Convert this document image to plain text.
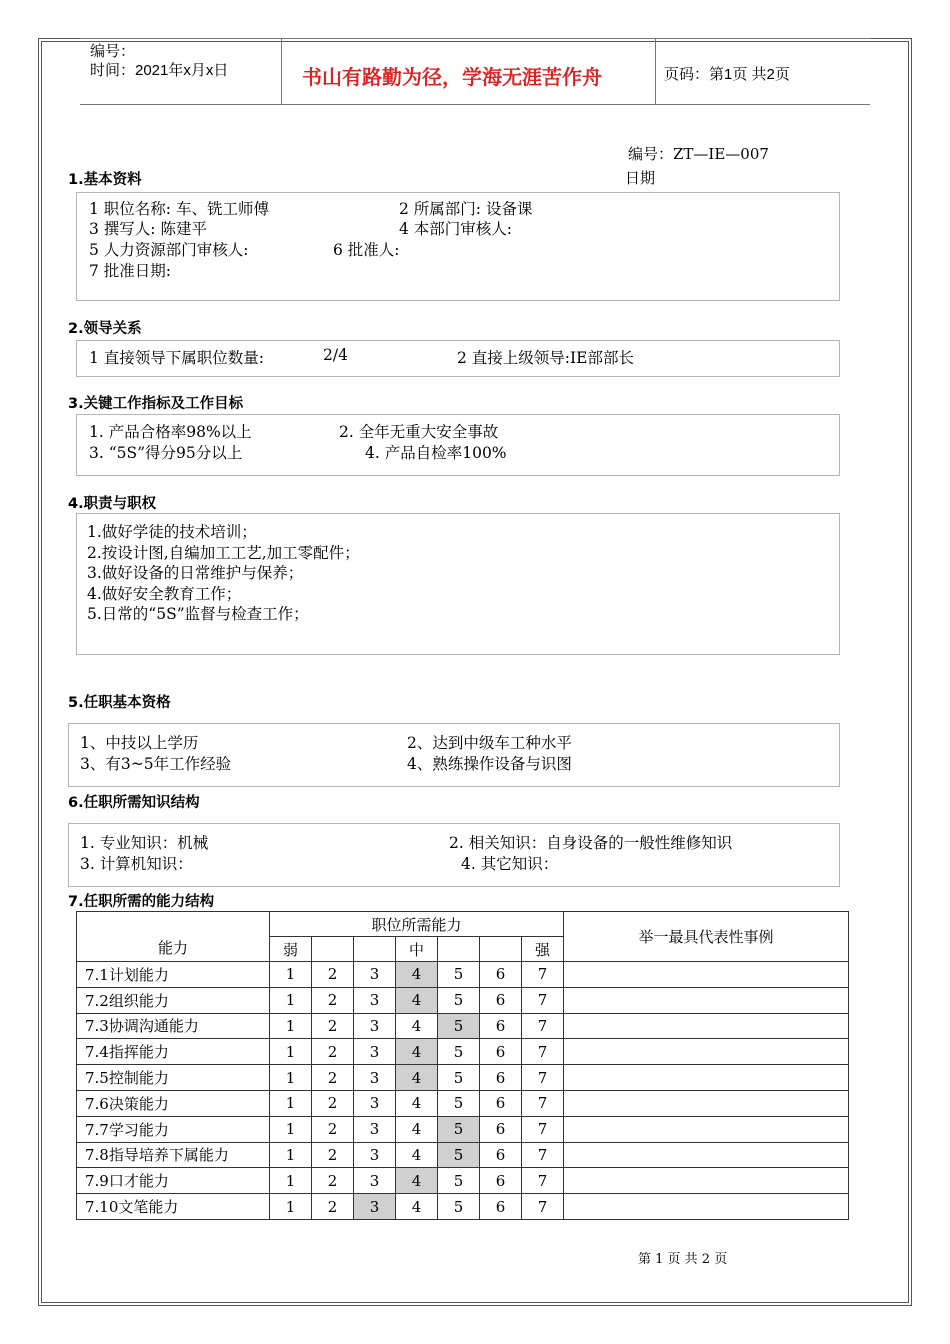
编号：
时间：2021年x月x日	书山有路勤为径，学海无涯苦作舟	页码：第1页 共2页
编号：ZT—IE—007
日期
1.基本资料
1 职位名称: 车、铣工师傅	2 所属部门: 设备课
3 撰写人: 陈建平	4 本部门审核人:
5 人力资源部门审核人:	6 批准人:
7 批准日期:
2.领导关系
1 直接领导下属职位数量:	2/4	2 直接上级领导:IE部部长
3.关键工作指标及工作目标
1. 产品合格率98%以上	2. 全年无重大安全事故
3. “5S”得分95分以上	4. 产品自检率100%
4.职责与职权
1.做好学徒的技术培训；
2.按设计图,自编加工工艺,加工零配件；
3.做好设备的日常维护与保养；
4.做好安全教育工作；
5.日常的“5S”监督与检查工作；
5.任职基本资格
1、中技以上学历	2、达到中级车工种水平
3、有3~5年工作经验	4、熟练操作设备与识图
6.任职所需知识结构
1. 专业知识：机械	2. 相关知识：自身设备的一般性维修知识
3. 计算机知识：	4. 其它知识：
7.任职所需的能力结构
能力	职位所需能力							举一最具代表性事例
	弱			中			强	
7.1计划能力	1	2	3	4	5	6	7	
7.2组织能力	1	2	3	4	5	6	7	
7.3协调沟通能力	1	2	3	4	5	6	7	
7.4指挥能力	1	2	3	4	5	6	7	
7.5控制能力	1	2	3	4	5	6	7	
7.6决策能力	1	2	3	4	5	6	7	
7.7学习能力	1	2	3	4	5	6	7	
7.8指导培养下属能力	1	2	3	4	5	6	7	
7.9口才能力	1	2	3	4	5	6	7	
7.10文笔能力	1	2	3	4	5	6	7	
第 1 页 共 2 页
